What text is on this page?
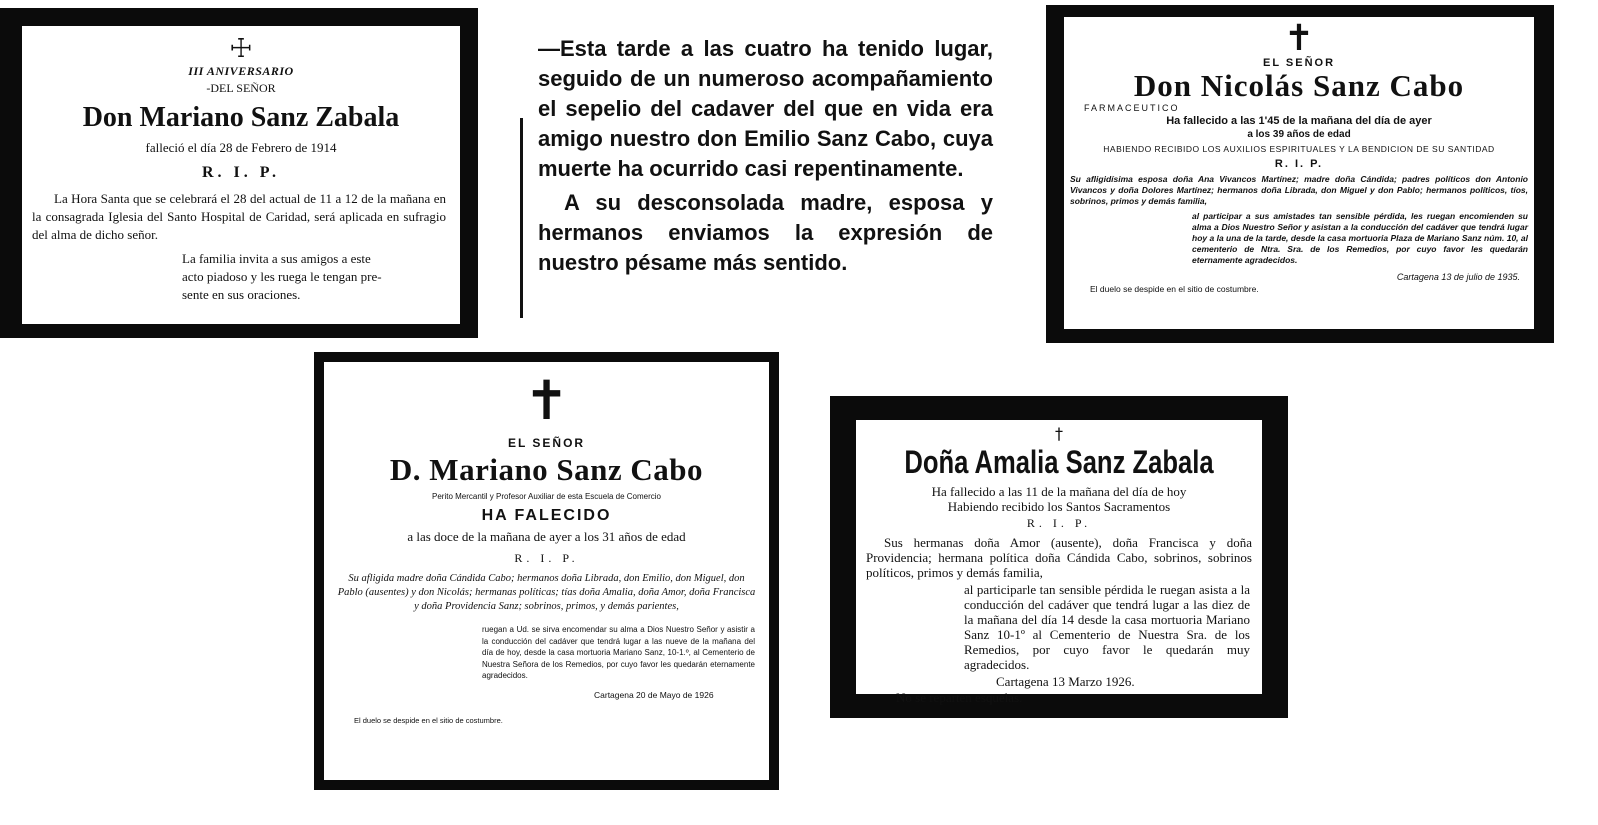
☩
III ANIVERSARIO
-DEL SEÑOR
Don Mariano Sanz Zabala
falleció el día 28 de Febrero de 1914
R. I. P.

La Hora Santa que se celebrará el 28 del actual de 11 a 12 de la mañana en la consagrada Iglesia del Santo Hospital de Caridad, será aplicada en sufragio del alma de dicho señor.

La familia invita a sus amigos a este
acto piadoso y les ruega le tengan pre-
sente en sus oraciones.

—Esta tarde a las cuatro ha tenido lugar, seguido de un numeroso acompañamiento el sepelio del cadaver del que en vida era amigo nuestro don Emilio Sanz Cabo, cuya muerte ha ocurrido casi repentinamente.

A su desconsolada madre, esposa y hermanos enviamos la expresión de nuestro pésame más sentido.

✝
EL SEÑOR
Don Nicolás Sanz Cabo
FARMACEUTICO
Ha fallecido a las 1'45 de la mañana del día de ayer
a los 39 años de edad
HABIENDO RECIBIDO LOS AUXILIOS ESPIRITUALES Y LA BENDICION DE SU SANTIDAD
R. I. P.

Su afligidísima esposa doña Ana Vivancos Martínez; madre doña Cándida; padres políticos don Antonio Vivancos y doña Dolores Martínez; hermanos doña Librada, don Miguel y don Pablo; hermanos políticos, tíos, sobrinos, primos y demás familia,

al participar a sus amistades tan sensible pérdida, les ruegan encomienden su alma a Dios Nuestro Señor y asistan a la conducción del cadáver que tendrá lugar hoy a la una de la tarde, desde la casa mortuoria Plaza de Mariano Sanz núm. 10, al cementerio de Ntra. Sra. de los Remedios, por cuyo favor les quedarán eternamente agradecidos.

Cartagena 13 de julio de 1935.
El duelo se despide en el sitio de costumbre.
✝
EL SEÑOR
D. Mariano Sanz Cabo
Perito Mercantil y Profesor Auxiliar de esta Escuela de Comercio
HA FALECIDO
a las doce de la mañana de ayer a los 31 años de edad
R. I. P.

Su afligida madre doña Cándida Cabo; hermanos doña Librada, don Emilio, don Miguel, don Pablo (ausentes) y don Nicolás; hermanas políticas; tías doña Amalia, doña Amor, doña Francisca y doña Providencia Sanz; sobrinos, primos, y demás parientes,

ruegan a Ud. se sirva encomendar su alma a Dios Nuestro Señor y asistir a la conducción del cadáver que tendrá lugar a las nueve de la mañana del día de hoy, desde la casa mortuoria Mariano Sanz, 10-1.º, al Cementerio de Nuestra Señora de los Remedios, por cuyo favor les quedarán eternamente agradecidos.

Cartagena 20 de Mayo de 1926
El duelo se despide en el sitio de costumbre.
†
Doña Amalia Sanz Zabala
Ha fallecido a las 11 de la mañana del día de hoy
Habiendo recibido los Santos Sacramentos
R. I. P.

Sus hermanas doña Amor (ausente), doña Francisca y doña Providencia; hermana política doña Cándida Cabo, sobrinos, sobrinos políticos, primos y demás familia,

al participarle tan sensible pérdida le ruegan asista a la conducción del cadáver que tendrá lugar a las diez de la mañana del día 14 desde la casa mortuoria Mariano Sanz 10-1º al Cementerio de Nuestra Sra. de los Remedios, por cuyo favor le quedarán muy agradecidos.

Cartagena 13 Marzo 1926.
No se reparten esquelas.
